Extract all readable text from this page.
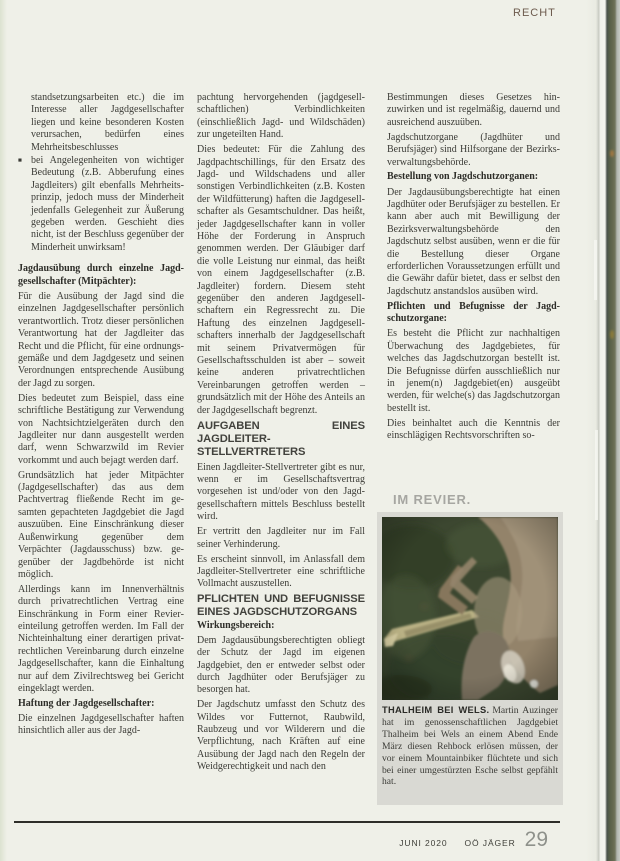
RECHT
standsetzungsarbeiten etc.) die im Interesse aller Jagdgesellschafter liegen und keine besonderen Kosten verursachen, bedürfen eines Mehrheitsbeschlusses
■ bei Angelegenheiten von wichtiger Bedeutung (z.B. Abberufung eines Jagdleiters) gilt ebenfalls Mehrheitsprinzip, jedoch muss der Minderheit jedenfalls Gelegenheit zur Äußerung gegeben werden. Geschieht dies nicht, ist der Beschluss gegenüber der Minderheit unwirksam!

Jagdausübung durch einzelne Jagdgesellschafter (Mitpächter):

Für die Ausübung der Jagd sind die einzelnen Jagdgesellschafter persönlich verantwortlich. Trotz dieser persönlichen Verantwortung hat der Jagdleiter das Recht und die Pflicht, für eine ordnungsgemäße und dem Jagdgesetz und seinen Verordnungen entsprechende Ausübung der Jagd zu sorgen.

Dies bedeutet zum Beispiel, dass eine schriftliche Bestätigung zur Verwendung von Nachtsichtzielgeräten durch den Jagdleiter nur dann ausgestellt werden darf, wenn Schwarzwild im Revier vorkommt und auch bejagt werden darf.

Grundsätzlich hat jeder Mitpächter (Jagdgesellschafter) das aus dem Pachtvertrag fließende Recht im gesamten gepachteten Jagdgebiet die Jagd auszuüben. Eine Einschränkung dieser Außenwirkung gegenüber dem Verpächter (Jagdausschuss) bzw. gegenüber der Jagdbehörde ist nicht möglich.

Allerdings kann im Innenverhältnis durch privatrechtlichen Vertrag eine Einschränkung in Form einer Reviereinteilung getroffen werden. Im Fall der Nichteinhaltung einer derartigen privatrechtlichen Vereinbarung durch einzelne Jagdgesellschafter, kann die Einhaltung nur auf dem Zivilrechtsweg bei Gericht eingeklagt werden.

Haftung der Jagdgesellschafter:

Die einzelnen Jagdgesellschafter haften hinsichtlich aller aus der Jagd-

pachtung hervorgehenden (jagdgesellschaftlichen) Verbindlichkeiten (einschließlich Jagd- und Wildschäden) zur ungeteilten Hand.

Dies bedeutet: Für die Zahlung des Jagdpachtschillings, für den Ersatz des Jagd- und Wildschadens und aller sonstigen Verbindlichkeiten (z.B. Kosten der Wildfütterung) haften die Jagdgesellschafter als Gesamtschuldner. Das heißt, jeder Jagdgesellschafter kann in voller Höhe der Forderung in Anspruch genommen werden. Der Gläubiger darf die volle Leistung nur einmal, das heißt von einem Jagdgesellschafter (z.B. Jagdleiter) fordern. Diesem steht gegenüber den anderen Jagdgesellschaftern ein Regressrecht zu. Die Haftung des einzelnen Jagdgesellschafters innerhalb der Jagdgesellschaft mit seinem Privatvermögen für Gesellschaftsschulden ist aber – soweit keine anderen privatrechtlichen Vereinbarungen getroffen werden – grundsätzlich mit der Höhe des Anteils an der Jagdgesellschaft begrenzt.

AUFGABEN EINES JAGDLEITER-STELLVERTRETERS

Einen Jagdleiter-Stellvertreter gibt es nur, wenn er im Gesellschaftsvertrag vorgesehen ist und/oder von den Jagdgesellschaftern mittels Beschluss bestellt wird.

Er vertritt den Jagdleiter nur im Fall seiner Verhinderung.

Es erscheint sinnvoll, im Anlassfall dem Jagdleiter-Stellvertreter eine schriftliche Vollmacht auszustellen.

PFLICHTEN UND BEFUGNISSE EINES JAGDSCHUTZORGANS

Wirkungsbereich:

Dem Jagdausübungsberechtigten obliegt der Schutz der Jagd im eigenen Jagdgebiet, den er entweder selbst oder durch Jagdhüter oder Berufsjäger zu besorgen hat.

Der Jagdschutz umfasst den Schutz des Wildes vor Futternot, Raubwild, Raubzeug und vor Wilderern und die Verpflichtung, nach Kräften auf eine Ausübung der Jagd nach den Regeln der Weidgerechtigkeit und nach den

Bestimmungen dieses Gesetzes hinzuwirken und ist regelmäßig, dauernd und ausreichend auszuüben.

Jagdschutzorgane (Jagdhüter und Berufsjäger) sind Hilfsorgane der Bezirksverwaltungsbehörde.

Bestellung von Jagdschutzorganen:

Der Jagdausübungsberechtigte hat einen Jagdhüter oder Berufsjäger zu bestellen. Er kann aber auch mit Bewilligung der Bezirksverwaltungsbehörde den Jagdschutz selbst ausüben, wenn er die für die Bestellung dieser Organe erforderlichen Voraussetzungen erfüllt und die Gewähr dafür bietet, dass er selbst den Jagdschutz anstandslos ausüben wird.

Pflichten und Befugnisse der Jagdschutzorgane:

Es besteht die Pflicht zur nachhaltigen Überwachung des Jagdgebietes, für welches das Jagdschutzorgan bestellt ist. Die Befugnisse dürfen ausschließlich nur in jenem(n) Jagdgebiet(en) ausgeübt werden, für welche(s) das Jagdschutzorgan bestellt ist.

Dies beinhaltet auch die Kenntnis der einschlägigen Rechtsvorschriften so-

IM REVIER.

THALHEIM BEI WELS. Martin Auzinger hat im genossenschaftlichen Jagdgebiet Thalheim bei Wels an einem Abend Ende März diesen Rehbock erlösen müssen, der vor einem Mountainbiker flüchtete und sich bei einer umgestürzten Esche selbst gepfählt hat.

JUNI 2020 OÖ JÄGER 29
